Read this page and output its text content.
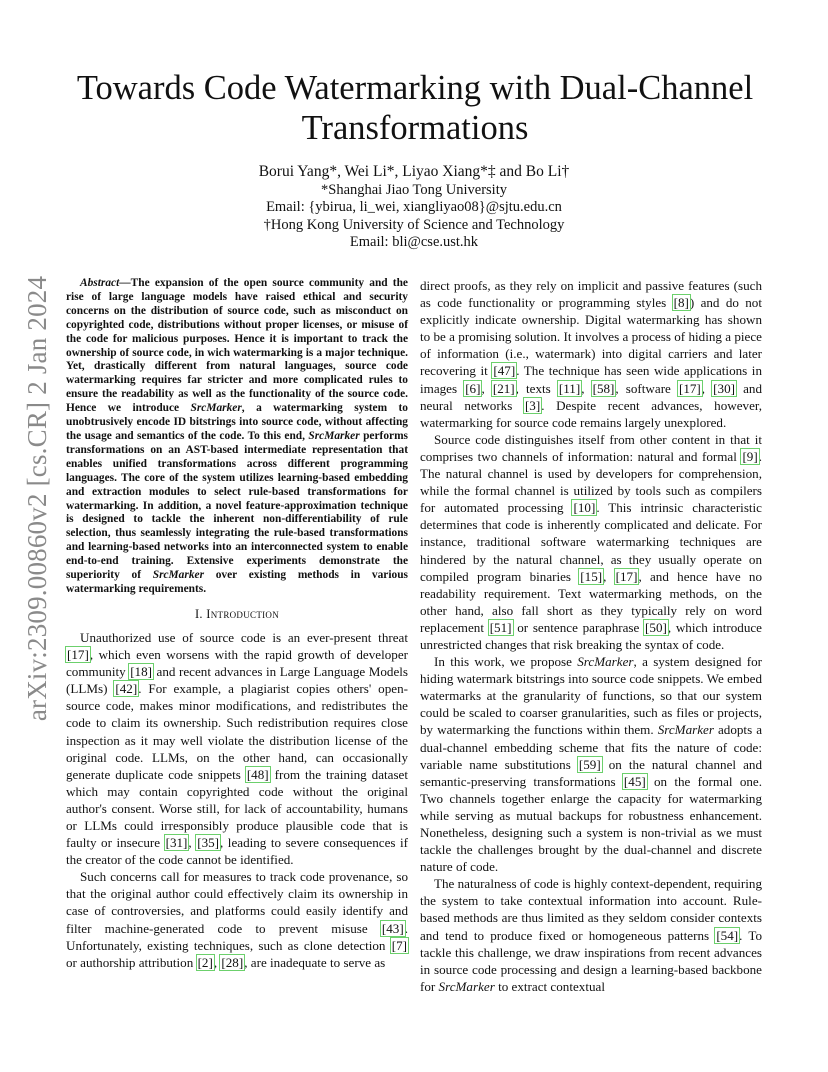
arXiv:2309.00860v2 [cs.CR] 2 Jan 2024
Towards Code Watermarking with Dual-Channel Transformations
Borui Yang*, Wei Li*, Liyao Xiang*‡ and Bo Li†
*Shanghai Jiao Tong University
Email: {ybirua, li_wei, xiangliyao08}@sjtu.edu.cn
†Hong Kong University of Science and Technology
Email: bli@cse.ust.hk

Abstract—The expansion of the open source community and the rise of large language models have raised ethical and security concerns on the distribution of source code, such as misconduct on copyrighted code, distributions without proper licenses, or misuse of the code for malicious purposes. Hence it is important to track the ownership of source code, in wich watermarking is a major technique. Yet, drastically different from natural languages, source code watermarking requires far stricter and more complicated rules to ensure the readability as well as the functionality of the source code. Hence we introduce SrcMarker, a watermarking system to unobtrusively encode ID bitstrings into source code, without affecting the usage and semantics of the code. To this end, SrcMarker performs transformations on an AST-based intermediate representation that enables unified transformations across different programming languages. The core of the system utilizes learning-based embedding and extraction modules to select rule-based transformations for watermarking. In addition, a novel feature-approximation technique is designed to tackle the inherent non-differentiability of rule selection, thus seamlessly integrating the rule-based transformations and learning-based networks into an interconnected system to enable end-to-end training. Extensive experiments demonstrate the superiority of SrcMarker over existing methods in various watermarking requirements.

I. Introduction

Unauthorized use of source code is an ever-present threat [17], which even worsens with the rapid growth of developer community [18] and recent advances in Large Language Models (LLMs) [42]. For example, a plagiarist copies others' open-source code, makes minor modifications, and redistributes the code to claim its ownership. Such redistribution requires close inspection as it may well violate the distribution license of the original code. LLMs, on the other hand, can occasionally generate duplicate code snippets [48] from the training dataset which may contain copyrighted code without the original author's consent. Worse still, for lack of accountability, humans or LLMs could irresponsibly produce plausible code that is faulty or insecure [31], [35], leading to severe consequences if the creator of the code cannot be identified.

Such concerns call for measures to track code provenance, so that the original author could effectively claim its ownership in case of controversies, and platforms could easily identify and filter machine-generated code to prevent misuse [43]. Unfortunately, existing techniques, such as clone detection [7] or authorship attribution [2], [28], are inadequate to serve as

direct proofs, as they rely on implicit and passive features (such as code functionality or programming styles [8]) and do not explicitly indicate ownership. Digital watermarking has shown to be a promising solution. It involves a process of hiding a piece of information (i.e., watermark) into digital carriers and later recovering it [47]. The technique has seen wide applications in images [6], [21], texts [11], [58], software [17], [30] and neural networks [3]. Despite recent advances, however, watermarking for source code remains largely unexplored.

Source code distinguishes itself from other content in that it comprises two channels of information: natural and formal [9]. The natural channel is used by developers for comprehension, while the formal channel is utilized by tools such as compilers for automated processing [10]. This intrinsic characteristic determines that code is inherently complicated and delicate. For instance, traditional software watermarking techniques are hindered by the natural channel, as they usually operate on compiled program binaries [15], [17], and hence have no readability requirement. Text watermarking methods, on the other hand, also fall short as they typically rely on word replacement [51] or sentence paraphrase [50], which introduce unrestricted changes that risk breaking the syntax of code.

In this work, we propose SrcMarker, a system designed for hiding watermark bitstrings into source code snippets. We embed watermarks at the granularity of functions, so that our system could be scaled to coarser granularities, such as files or projects, by watermarking the functions within them. SrcMarker adopts a dual-channel embedding scheme that fits the nature of code: variable name substitutions [59] on the natural channel and semantic-preserving transformations [45] on the formal one. Two channels together enlarge the capacity for watermarking while serving as mutual backups for robustness enhancement. Nonetheless, designing such a system is non-trivial as we must tackle the challenges brought by the dual-channel and discrete nature of code.

The naturalness of code is highly context-dependent, requiring the system to take contextual information into account. Rule-based methods are thus limited as they seldom consider contexts and tend to produce fixed or homogeneous patterns [54]. To tackle this challenge, we draw inspirations from recent advances in source code processing and design a learning-based backbone for SrcMarker to extract contextual
